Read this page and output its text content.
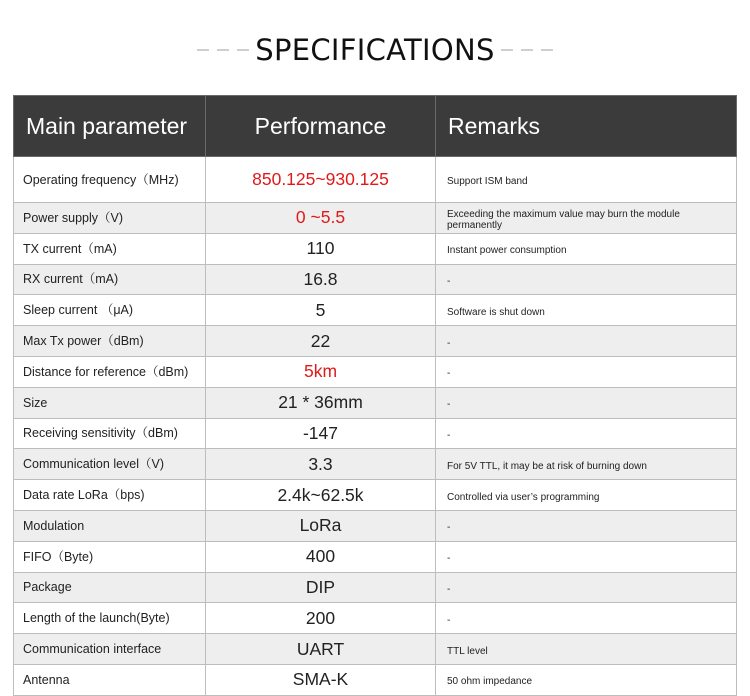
SPECIFICATIONS
Main parameter	Performance	Remarks
Operating frequency（MHz)	850.125~930.125	Support ISM band
Power supply（V)	0 ~5.5	Exceeding the maximum value may burn the module permanently
TX current（mA)	110	Instant power consumption
RX current（mA)	16.8	-
Sleep current （μA)	5	Software is shut down
Max Tx power（dBm)	22	-
Distance for reference（dBm)	5km	-
Size	21 * 36mm	-
Receiving sensitivity（dBm)	-147	-
Communication level（V)	3.3	For 5V TTL, it may be at risk of burning down
Data rate LoRa（bps)	2.4k~62.5k	Controlled via user’s programming
Modulation	LoRa	-
FIFO（Byte)	400	-
Package	DIP	-
Length of the launch(Byte)	200	-
Communication interface	UART	TTL level
Antenna	SMA-K	50 ohm impedance
